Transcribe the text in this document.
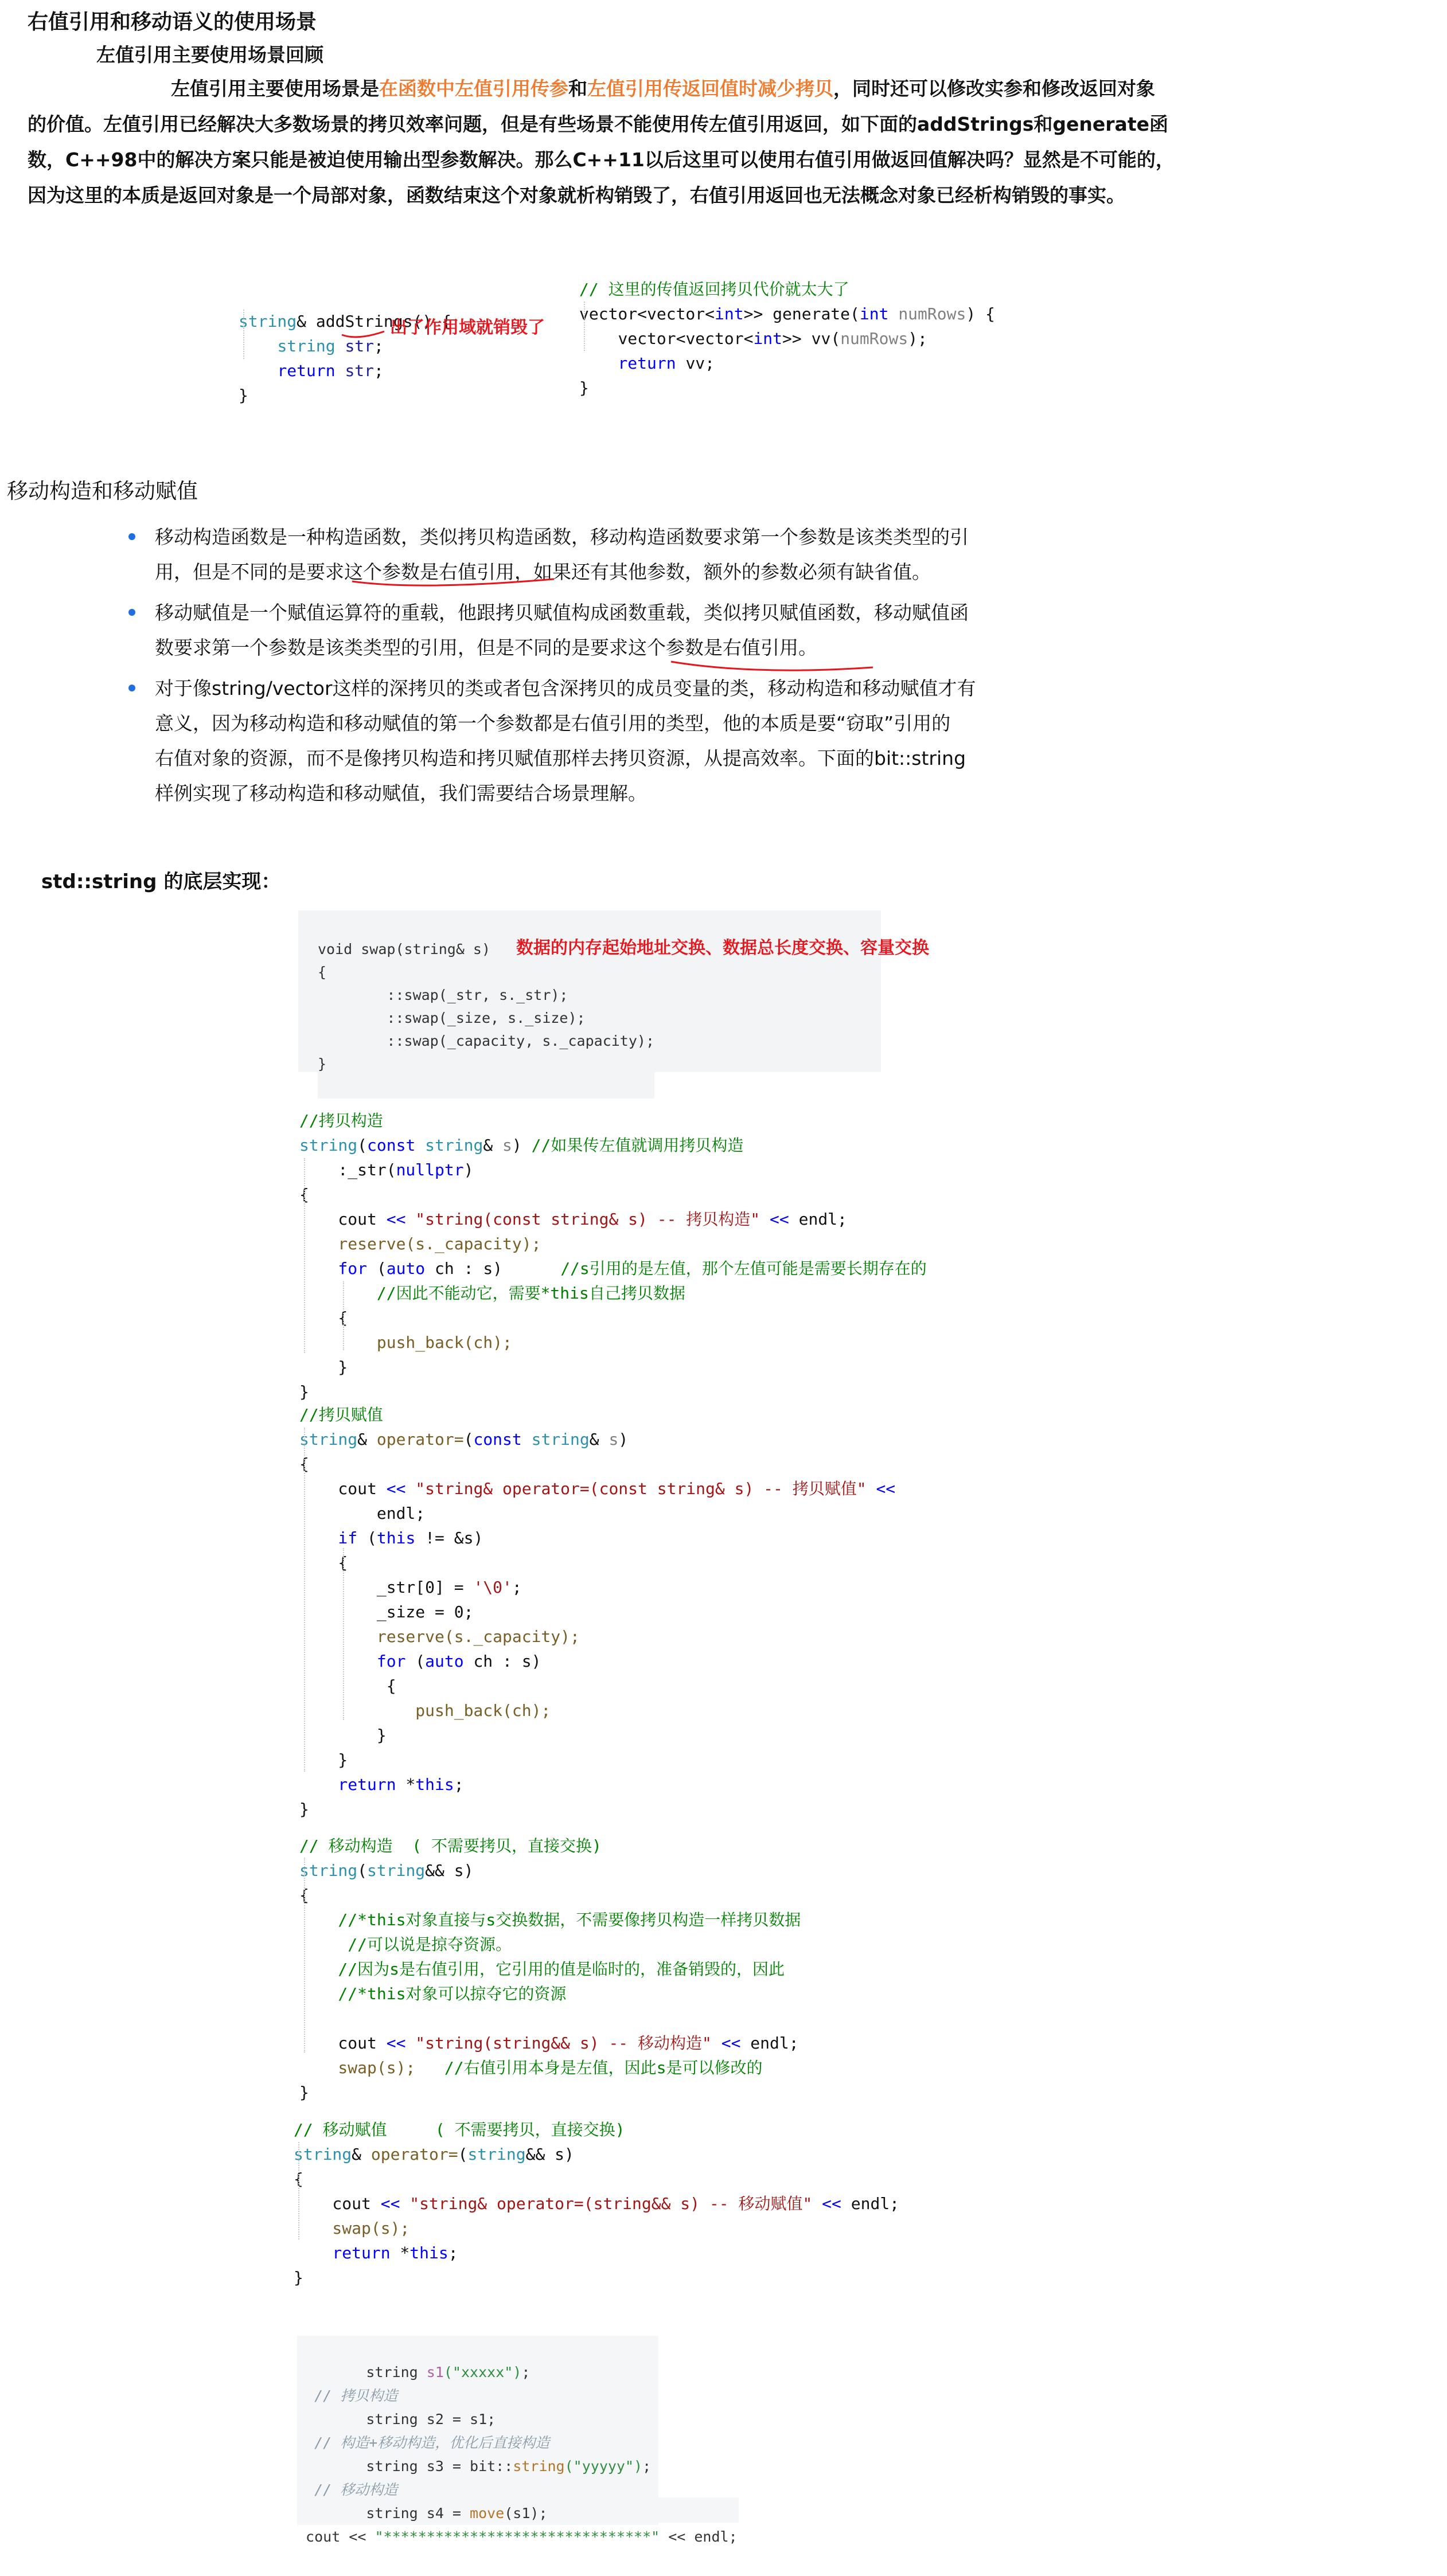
右值引用和移动语义的使用场景
左值引用主要使用场景回顾
左值引用主要使用场景是在函数中左值引用传参和左值引用传返回值时减少拷贝，同时还可以修改实参和修改返回对象
的价值。左值引用已经解决大多数场景的拷贝效率问题，但是有些场景不能使用传左值引用返回，如下面的addStrings和generate函
数，C++98中的解决方案只能是被迫使用输出型参数解决。那么C++11以后这里可以使用右值引用做返回值解决吗？显然是不可能的，
因为这里的本质是返回对象是一个局部对象，函数结束这个对象就析构销毁了，右值引用返回也无法概念对象已经析构销毁的事实。

string& addStrings() {
string str;
return str;
}

出了作用域就销毁了

// 这里的传值返回拷贝代价就太大了
vector<vector<int>> generate(int numRows) {
vector<vector<int>> vv(numRows);
return vv;
}

移动构造和移动赋值
移动构造函数是一种构造函数，类似拷贝构造函数，移动构造函数要求第一个参数是该类类型的引
用，但是不同的是要求这个参数是右值引用，如果还有其他参数，额外的参数必须有缺省值。
移动赋值是一个赋值运算符的重载，他跟拷贝赋值构成函数重载，类似拷贝赋值函数，移动赋值函
数要求第一个参数是该类类型的引用，但是不同的是要求这个参数是右值引用。
对于像string/vector这样的深拷贝的类或者包含深拷贝的成员变量的类，移动构造和移动赋值才有
意义，因为移动构造和移动赋值的第一个参数都是右值引用的类型，他的本质是要“窃取”引用的
右值对象的资源，而不是像拷贝构造和拷贝赋值那样去拷贝资源，从提高效率。下面的bit::string
样例实现了移动构造和移动赋值，我们需要结合场景理解。
std::string 的底层实现：

void swap(string& s)
{
::swap(_str, s._str);
::swap(_size, s._size);
::swap(_capacity, s._capacity);
}

数据的内存起始地址交换、数据总长度交换、容量交换

//拷贝构造
string(const string& s) //如果传左值就调用拷贝构造
:_str(nullptr)
{
cout << "string(const string& s) -- 拷贝构造" << endl;
reserve(s._capacity);
for (auto ch : s)      //s引用的是左值，那个左值可能是需要长期存在的
//因此不能动它，需要*this自己拷贝数据
{
push_back(ch);
}
}

//拷贝赋值
string& operator=(const string& s)
{
cout << "string& operator=(const string& s) -- 拷贝赋值" <<
endl;
if (this != &s)
{
_str[0] = '\0';
_size = 0;
reserve(s._capacity);
for (auto ch : s)
{
push_back(ch);
}
}
return *this;
}

// 移动构造  ( 不需要拷贝，直接交换)
string(string&& s)
{
//*this对象直接与s交换数据，不需要像拷贝构造一样拷贝数据
//可以说是掠夺资源。
//因为s是右值引用，它引用的值是临时的，准备销毁的，因此
//*this对象可以掠夺它的资源

cout << "string(string&& s) -- 移动构造" << endl;
swap(s);   //右值引用本身是左值，因此s是可以修改的
}

// 移动赋值     ( 不需要拷贝，直接交换)
string& operator=(string&& s)
{
cout << "string& operator=(string&& s) -- 移动赋值" << endl;
swap(s);
return *this;
}

string s1("xxxxx");
// 拷贝构造
string s2 = s1;
// 构造+移动构造，优化后直接构造
string s3 = bit::string("yyyyy");
// 移动构造
string s4 = move(s1);
cout << "*******************************" << endl;
